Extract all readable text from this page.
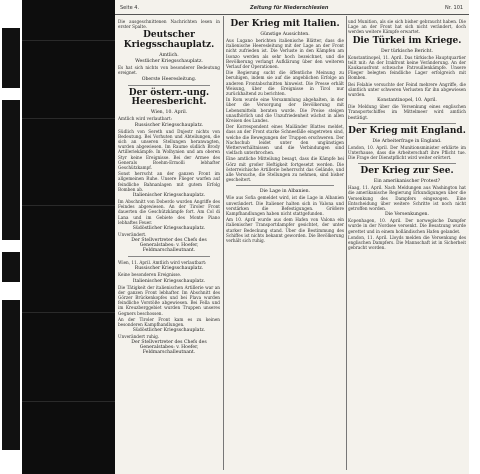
Seite 4.	Zeitung für Niederschlesien	Nr. 101
Die ausgeschnittenen Nachrichten lesen in erster Spalte.
Deutscher Kriegsschauplatz.
Amtlich.
Westlicher Kriegsschauplatz.
Es hat sich nichts von besonderer Bedeutung ereignet.
Oberste Heeresleitung.
Der österr.-ung. Heeresbericht.
Wien, 10. April.
Amtlich wird verlautbart:
Russischer Kriegsschauplatz.
Südlich von Sereth und Dnjestr nichts von Bedeutung. Bei Vorhuten und Abteilungen, die sich an unseren Stellungen heranwagten, wurden abgewiesen. Im Raume südlich Brody Artilleriekämpfe. In Wolhynien und am oberen Styr keine Ereignisse. Bei der Armee des Generals Boehm-Ermolli lebhafter Geschützkampf.
Sonst herrscht an der ganzen Front im allgemeinen Ruhe. Unsere Flieger warfen auf feindliche Bahnanlagen mit gutem Erfolg Bomben ab.
Italienischer Kriegsschauplatz.
Im Abschnitt von Doberdo wurden Angriffe des Feindes abgewiesen. An der Tiroler Front dauerten die Geschützkämpfe fort. Am Col di Lana und im Gebiete des Monte Piano lebhaftes Feuer.
Südöstlicher Kriegsschauplatz.
Unverändert.
Der Stellvertreter des Chefs des Generalstabes: v. Hoefer, Feldmarschalleutnant.
Wien, 11. April. Amtlich wird verlautbart:
Russischer Kriegsschauplatz.
Keine besonderen Ereignisse.
Italienischer Kriegsschauplatz.
Die Tätigkeit der italienischen Artillerie war an der ganzen Front lebhafter. Im Abschnitt des Görzer Brückenkopfes und bei Plava wurden feindliche Vorstöße abgewiesen. Bei Fella und im Kreuzberggebiet wurden Truppen unseres Gegners beschossen.
An der Tiroler Front kam es zu keinen besonderen Kampfhandlungen.
Südöstlicher Kriegsschauplatz.
Unverändert ruhig.
Der Stellvertreter des Chefs des Generalstabes: v. Hoefer, Feldmarschalleutnant.
Der Krieg mit Italien.
Günstige Aussichten.
Aus Lugano berichten italienische Blätter, dass die italienische Heeresleitung mit der Lage an der Front nicht zufrieden ist. Die Verluste in den Kämpfen am Isonzo werden als sehr hoch bezeichnet, und die Bevölkerung verlangt Aufklärung über den weiteren Verlauf der Operationen.
Die Regierung sucht die öffentliche Meinung zu beruhigen, indem sie auf die angeblichen Erfolge an anderen Frontabschnitten hinweist. Die Presse erhält Weisung, über die Ereignisse in Tirol nur zurückhaltend zu berichten.
In Rom wurde eine Versammlung abgehalten, in der über die Versorgung der Bevölkerung mit Lebensmitteln beraten wurde. Die Preise steigen unaufhörlich und die Unzufriedenheit wächst in allen Kreisen des Landes.
Der Korrespondent eines Mailänder Blattes meldet, dass an der Front starke Schneefälle eingetreten sind, welche die Bewegungen der Truppen erschweren. Der Nachschub leidet unter den ungünstigen Wetterverhältnissen und die Verbindungen sind vielfach unterbrochen.
Eine amtliche Mitteilung besagt, dass die Kämpfe bei Görz mit großer Heftigkeit fortgesetzt werden. Die österreichische Artillerie beherrscht das Gelände, und alle Versuche, die Stellungen zu nehmen, sind bisher gescheitert.
Die Lage in Albanien.
Wie aus Sofia gemeldet wird, ist die Lage in Albanien unverändert. Die Italiener halten sich in Valona und verstärken die Befestigungen. Größere Kampfhandlungen haben nicht stattgefunden.
Am 10. April wurde aus dem Hafen von Valona ein italienischer Transportdampfer gesichtet, der unter starker Bedeckung stand. Über die Bestimmung des Schiffes ist nichts bekannt geworden. Die Bevölkerung verhält sich ruhig.
und Munition, als sie sich bisher gebraucht haben. Die Lage an der Front hat sich nicht verändert, doch werden weitere Kämpfe erwartet.
Die Türkei im Kriege.
Der türkische Bericht.
Konstantinopel, 11. April. Das türkische Hauptquartier teilt mit: An der Irakfront keine Veränderung. An der Kaukasusfront schwache Patrouillenkämpfe. Unsere Flieger belegten feindliche Lager erfolgreich mit Bomben.
Bei Felahie versuchte der Feind mehrere Angriffe, die sämtlich unter schweren Verlusten für ihn abgewiesen wurden.
Konstantinopel, 10. April.
Die Meldung über die Versenkung eines englischen Transportschiffes im Mittelmeer wird amtlich bestätigt.
Der Krieg mit England.
Die Arbeiterfrage in England.
London, 10. April. Der Munitionsminister erklärte im Unterhause, dass die Arbeiterschaft ihre Pflicht tue. Die Frage der Dienstpflicht wird weiter erörtert.
Der Krieg zur See.
Ein amerikanischer Protest?
Haag, 11. April. Nach Meldungen aus Washington hat die amerikanische Regierung Erkundigungen über die Versenkung des Dampfers eingezogen. Eine Entscheidung über weitere Schritte ist noch nicht getroffen worden.
Die Versenkungen.
Kopenhagen, 10. April. Der norwegische Dampfer wurde in der Nordsee versenkt. Die Besatzung wurde gerettet und in einem holländischen Hafen gelandet.
London, 11. April. Lloyds melden die Versenkung des englischen Dampfers. Die Mannschaft ist in Sicherheit gebracht worden.
